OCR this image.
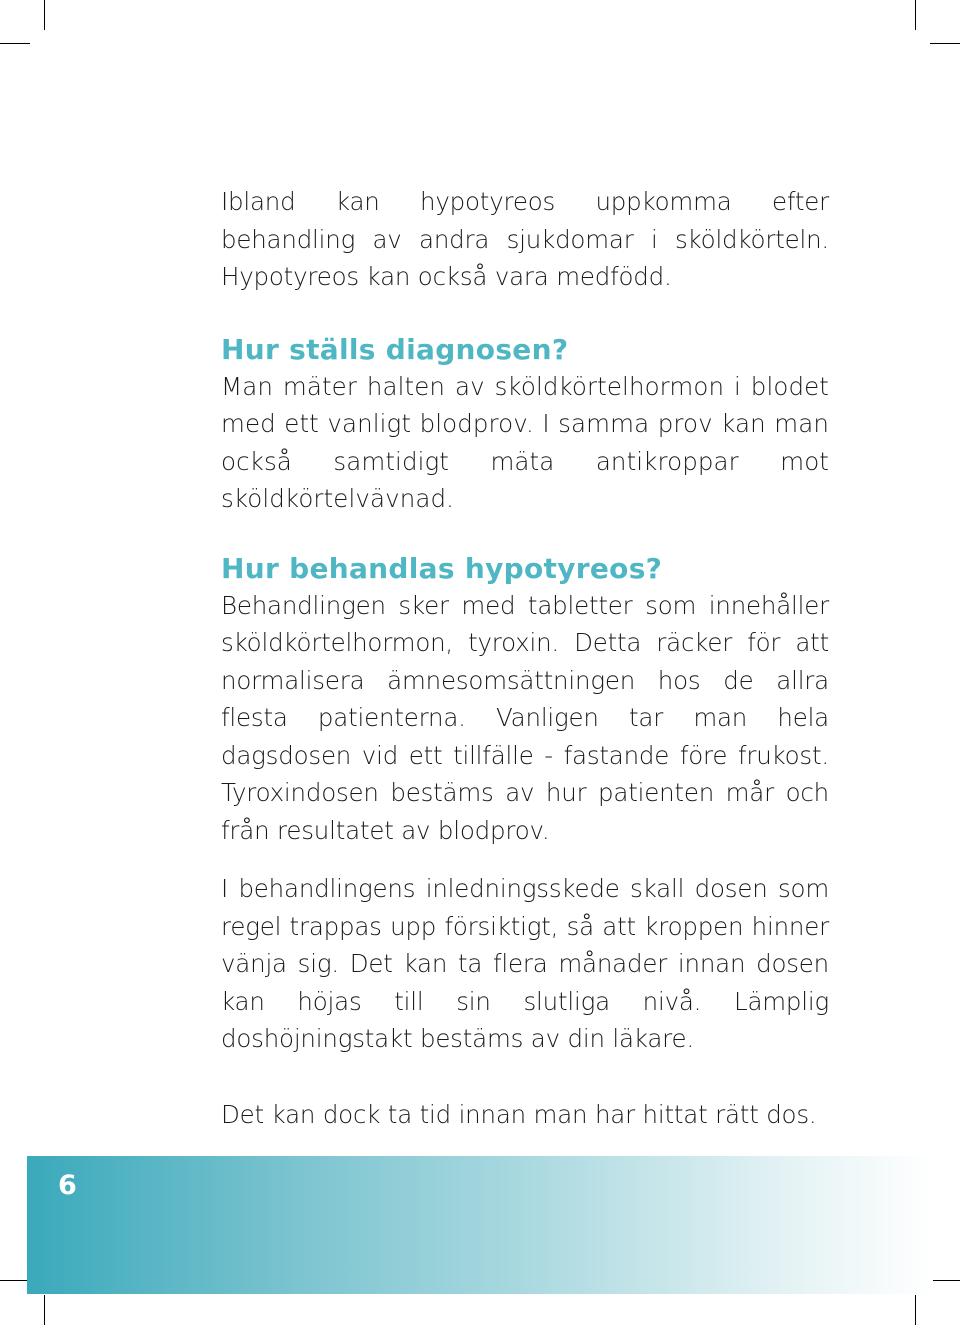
Ibland kan hypotyreos uppkomma efter behandling av andra sjukdomar i sköldkörteln. Hypotyreos kan också vara medfödd.

Hur ställs diagnosen?

Man mäter halten av sköldkörtelhormon i blodet med ett vanligt blodprov. I samma prov kan man också samtidigt mäta antikroppar mot sköldkörtelvävnad.

Hur behandlas hypotyreos?

Behandlingen sker med tabletter som innehåller sköldkörtelhormon, tyroxin. Detta räcker för att normalisera ämnesomsättningen hos de allra flesta patienterna. Vanligen tar man hela dagsdosen vid ett tillfälle - fastande före frukost. Tyroxindosen bestäms av hur patienten mår och från resultatet av blodprov.

I behandlingens inledningsskede skall dosen som regel trappas upp försiktigt, så att kroppen hinner vänja sig. Det kan ta flera månader innan dosen kan höjas till sin slutliga nivå. Lämplig doshöjningstakt bestäms av din läkare.

Det kan dock ta tid innan man har hittat rätt dos.

6
